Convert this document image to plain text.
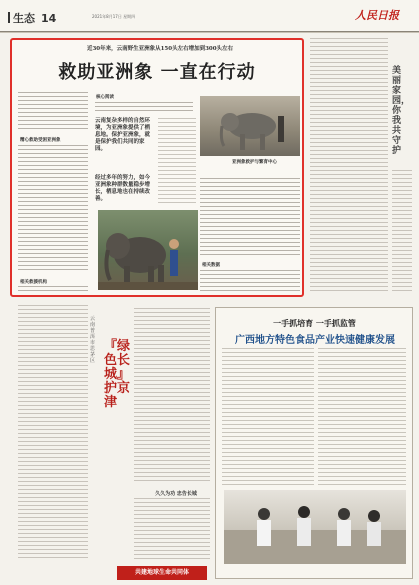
生态 14	2021年8月17日 星期四	人民日报
近30年来，云南野生亚洲象从150头左右增加到300头左右
救助亚洲象 一直在行动
精心救助受困亚洲象
相关救援机构
核心阅读
云南复杂多样的自然环境，为亚洲象提供了栖息地。保护亚洲象，就是保护我们共同的家园。
经过多年的努力，如今亚洲象种群数量稳步增长，栖息地也在持续改善。
亚洲象救护与繁育中心
相关数据
美丽家园，你我共守护
云南普洱市思茅区
『绿色长城』护京津
久久为功 忠告长城
共建地球生命共同体
一手抓培育 一手抓监管
广西地方特色食品产业快速健康发展
